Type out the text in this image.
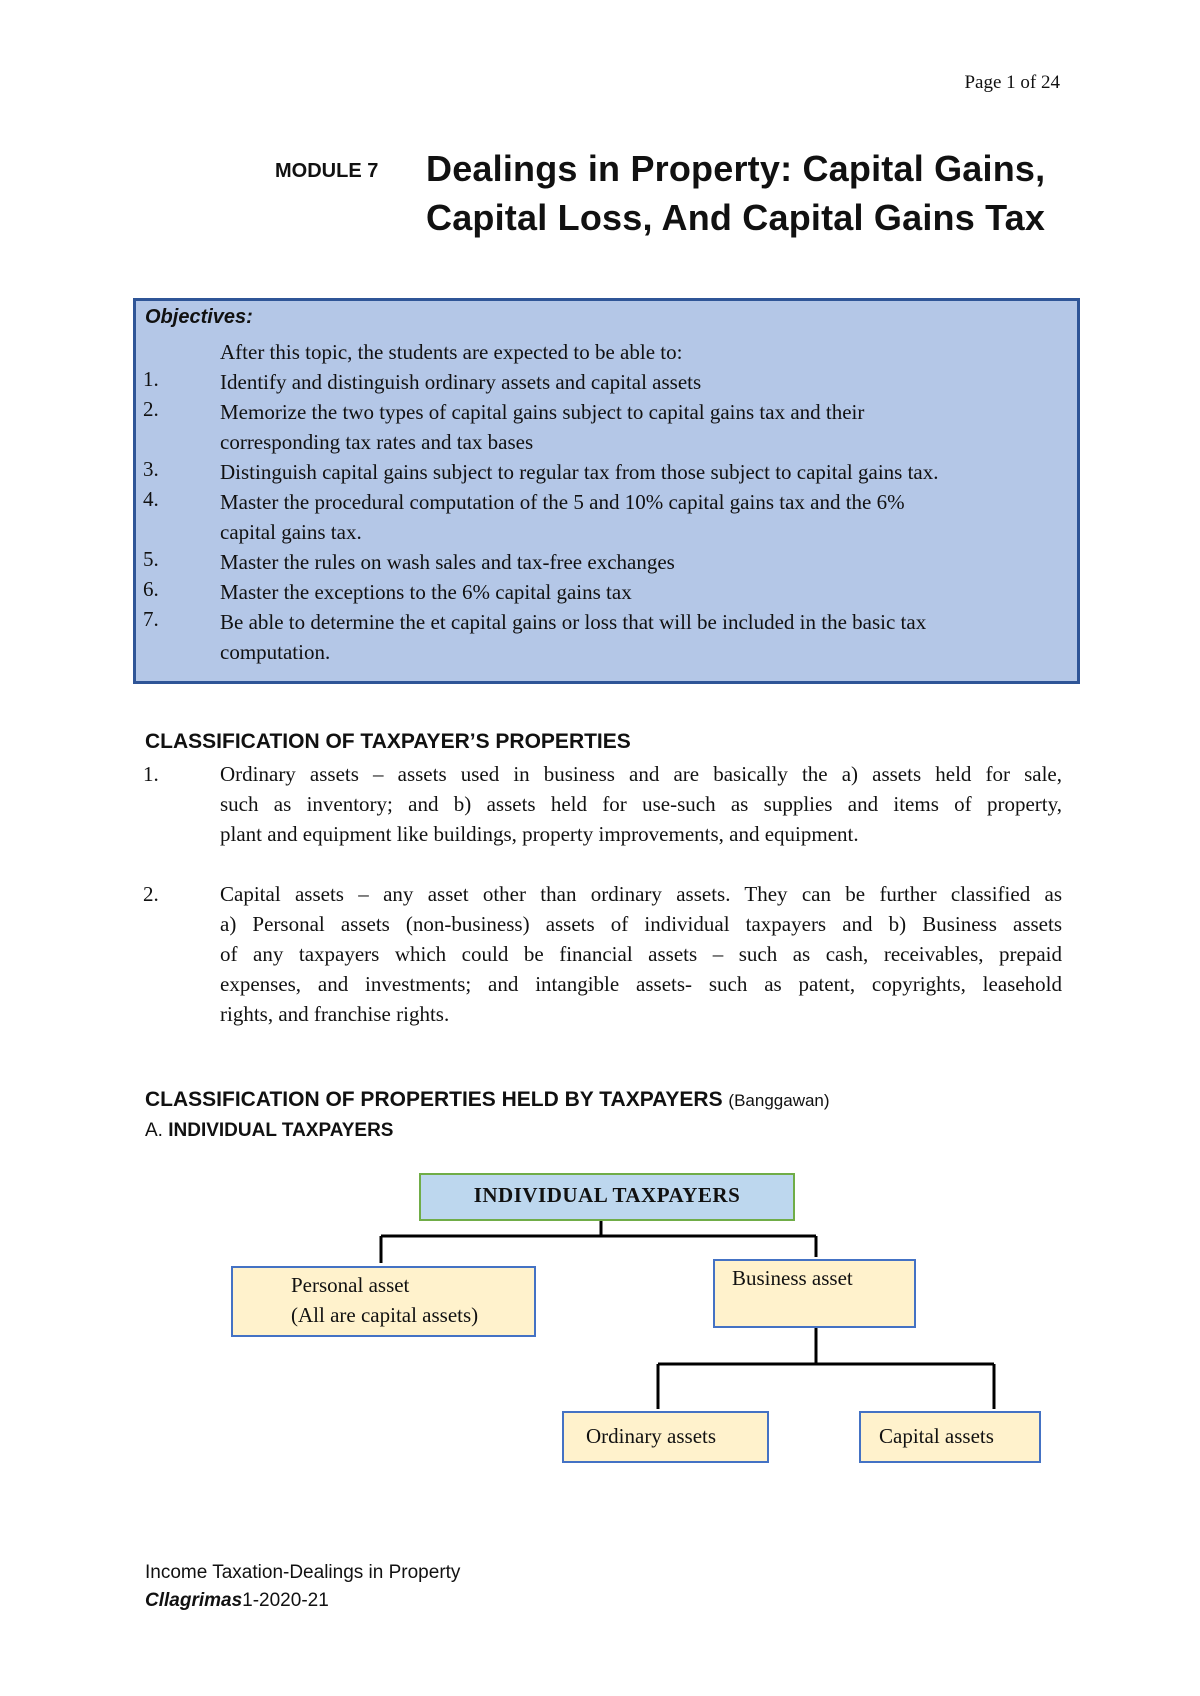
Page 1 of 24
MODULE 7 Dealings in Property: Capital Gains,
Capital Loss, And Capital Gains Tax
Objectives:
After this topic, the students are expected to be able to:
1.	Identify and distinguish ordinary assets and capital assets
2.	Memorize the two types of capital gains subject to capital gains tax and their
corresponding tax rates and tax bases
3.	Distinguish capital gains subject to regular tax from those subject to capital gains tax.
4.	Master the procedural computation of the 5 and 10% capital gains tax and the 6%
capital gains tax.
5.	Master the rules on wash sales and tax-free exchanges
6.	Master the exceptions to the 6% capital gains tax
7.	Be able to determine the et capital gains or loss that will be included in the basic tax
computation.
CLASSIFICATION OF TAXPAYER’S PROPERTIES
1.	Ordinary assets – assets used in business and are basically the a) assets held for sale,
such as inventory; and b) assets held for use-such as supplies and items of property,
plant and equipment like buildings, property improvements, and equipment.
2.	Capital assets – any asset other than ordinary assets. They can be further classified as
a) Personal assets (non-business) assets of individual taxpayers and b) Business assets
of any taxpayers which could be financial assets – such as cash, receivables, prepaid
expenses, and investments; and intangible assets- such as patent, copyrights, leasehold
rights, and franchise rights.
CLASSIFICATION OF PROPERTIES HELD BY TAXPAYERS (Banggawan)
A. INDIVIDUAL TAXPAYERS
INDIVIDUAL TAXPAYERS
Personal asset
(All are capital assets)
Business asset
Ordinary assets	Capital assets
Income Taxation-Dealings in Property
Cllagrimas1-2020-21
